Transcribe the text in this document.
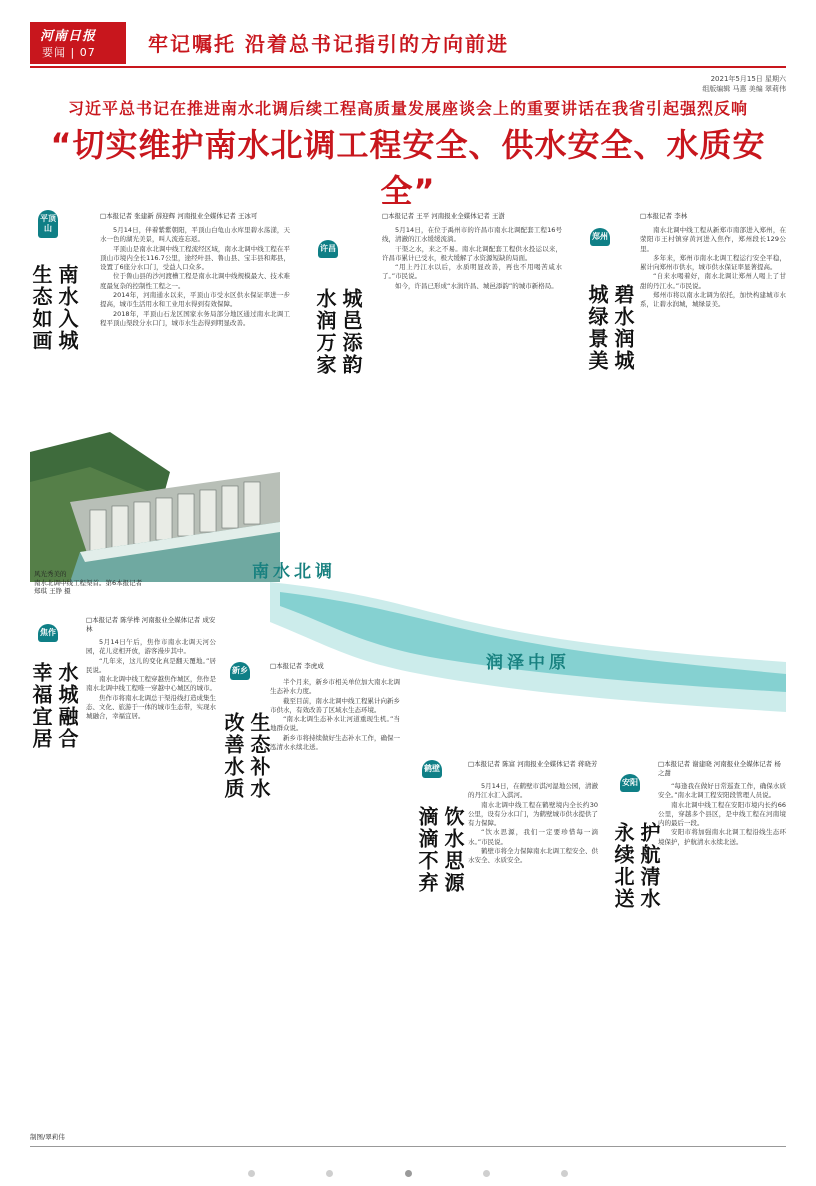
河南日报
要闻 | 07	牢记嘱托 沿着总书记指引的方向前进
2021年5月15日 星期六
组版编辑 马惠 美编 翠莉伟
习近平总书记在推进南水北调后续工程高质量发展座谈会上的重要讲话在我省引起强烈反响
“切实维护南水北调工程安全、供水安全、水质安全”
平顶山
南水入城
生态如画
□本报记者 张建新 薛迎辉 河南报业全媒体记者 王冰可

5月14日，伴着紫紫朝阳，平顶山白龟山水库里碧水荡漾，天水一色的湖光美景，叫人流连忘返。

平顶山是南水北调中线工程流经区域，南水北调中线工程在平顶山市境内全长116.7公里，途经叶县、鲁山县、宝丰县和郏县，设置了6座分水口门，受益人口众多。

位于鲁山县的沙河渡槽工程是南水北调中线规模最大、技术难度最复杂的控制性工程之一。

2014年，河南通水以来，平顶山市受水区供水保证率进一步提高，城市生活用水和工业用水得到有效保障。

2018年，平顶山石龙区国家水务局部分地区通过南水北调工程平顶山渠段分水口门，城市水生态得到明显改善。

风光秀美的
南水北调中线工程渠首。第6本报记者
郑琪 王铮 摄
许昌
城邑添韵
水润万家
□本报记者 王平 河南报业全媒体记者 王澍

5月14日，在位于禹州市的许昌市南水北调配套工程16号线，清澈的江水缓缓流淌。

干渠之水，来之不易。南水北调配套工程供水投运以来，许昌市累计已受水，极大缓解了水资源短缺的局面。

“用上丹江水以后，水质明显改善，再也不用喝苦咸水了。”市民说。

如今，许昌已形成“水润许昌、城邑添韵”的城市新格局。

郑州
碧水润城
城绿景美
□本报记者 李林

南水北调中线工程从新郑市南部进入郑州，在荥阳市王村镇穿黄河进入焦作，郑州段长129公里。

多年来，郑州市南水北调工程运行安全平稳，累计向郑州市供水，城市供水保证率显著提高。

“自来水喝着好，南水北调让郑州人喝上了甘甜的丹江水。”市民说。

郑州市将以南水北调为依托，加快构建城市水系，让碧水润城，城绿景美。

南水北调
润泽中原
焦作
水城融合
幸福宜居
□本报记者 陈学桦 河南报业全媒体记者 成安林

5月14日午后，焦作市南水北调天河公园，花儿竞相开放，游客漫步其中。

“几年来，这儿的变化真是翻天覆地。”居民说。

南水北调中线工程穿越焦作城区，焦作是南水北调中线工程唯一穿越中心城区的城市。

焦作市将南水北调总干渠沿线打造成集生态、文化、旅游于一体的城市生态带，实现水城融合，幸福宜居。

新乡
生态补水
改善水质
□本报记者 李虎成

半个月来，新乡市相关单位加大南水北调生态补水力度。

截至目前，南水北调中线工程累计向新乡市供水，有效改善了区域水生态环境。

“南水北调生态补水让河道重现生机。”当地群众说。

新乡市将持续做好生态补水工作，确保一泓清水永续北送。

鹤壁
饮水思源
滴滴不弃
□本报记者 陈富 河南报业全媒体记者 蒋晓芳

5月14日，在鹤壁市淇河湿地公园，清澈的丹江水汇入淇河。

南水北调中线工程在鹤壁境内全长约30公里，设有分水口门，为鹤壁城市供水提供了有力保障。

“饮水思源，我们一定要珍惜每一滴水。”市民说。

鹤壁市将全力保障南水北调工程安全、供水安全、水质安全。

安阳
护航清水
永续北送
□本报记者 谢建晓 河南报业全媒体记者 杨之甜

“每逢我在做好日常巡查工作，确保水质安全。”南水北调工程安阳段管理人员说。

南水北调中线工程在安阳市境内长约66公里，穿越多个县区，是中线工程在河南境内的最后一段。

安阳市将加强南水北调工程沿线生态环境保护，护航清水永续北送。

制图/翠莉伟
